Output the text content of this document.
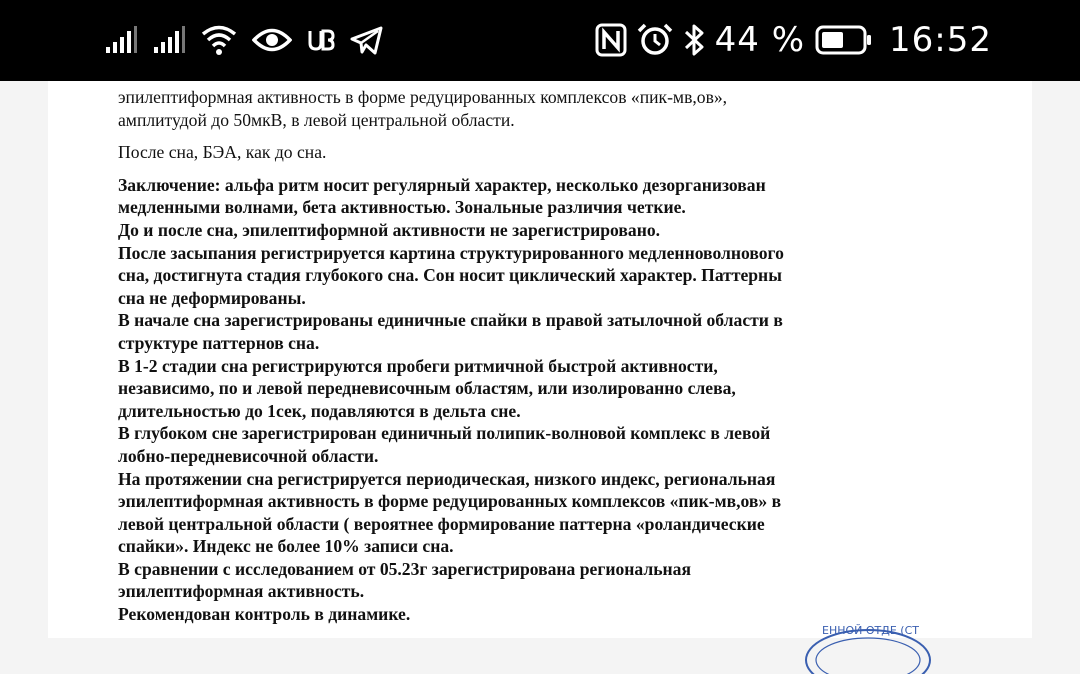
44 % 16:52

эпилептиформная активность в форме редуцированных комплексов «пик-мв,ов»,

амплитудой до 50мкВ, в левой центральной области.

После сна, БЭА, как до сна.

Заключение: альфа ритм носит регулярный характер, несколько дезорганизован

медленными волнами, бета активностью. Зональные различия четкие.

До и после сна, эпилептиформной активности не зарегистрировано.

После засыпания регистрируется картина структурированного медленноволнового

сна, достигнута стадия глубокого сна. Сон носит циклический характер. Паттерны

сна не деформированы.

В начале сна зарегистрированы единичные спайки в правой затылочной области в

структуре паттернов сна.

В 1-2 стадии сна регистрируются пробеги ритмичной быстрой активности,

независимо, по и левой передневисочным областям, или изолированно слева,

длительностью до 1сек, подавляются в дельта сне.

В глубоком сне зарегистрирован единичный полипик-волновой комплекс в левой

лобно-передневисочной области.

На протяжении сна регистрируется периодическая, низкого индекс, региональная

эпилептиформная активность в форме редуцированных комплексов «пик-мв,ов» в

левой центральной области ( вероятнее формирование паттерна «роландические

спайки». Индекс не более 10% записи сна.

В сравнении с исследованием от 05.23г зарегистрирована региональная

эпилептиформная активность.

Рекомендован контроль в динамике.

ЕННОЙ ОТДЕ (СТ
